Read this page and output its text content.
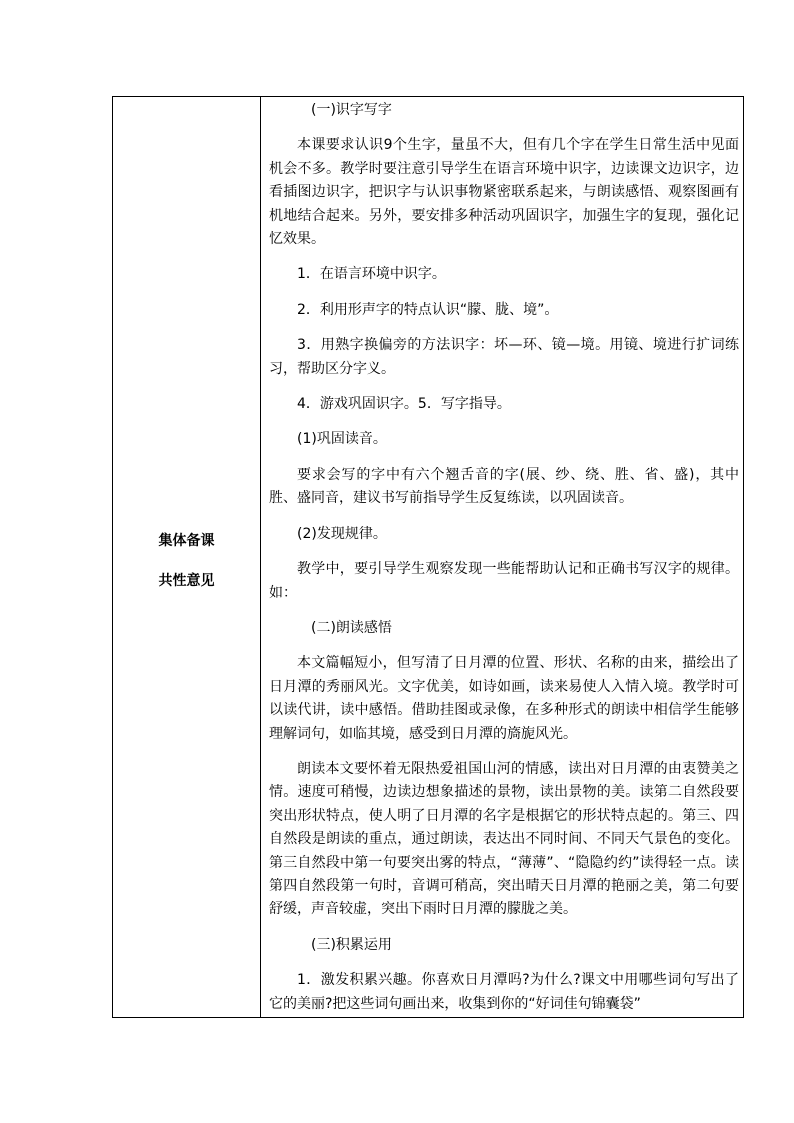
集体备课
共性意见

(一)识字写字

本课要求认识9个生字，量虽不大，但有几个字在学生日常生活中见面机会不多。教学时要注意引导学生在语言环境中识字，边读课文边识字，边看插图边识字，把识字与认识事物紧密联系起来，与朗读感悟、观察图画有机地结合起来。另外，要安排多种活动巩固识字，加强生字的复现，强化记忆效果。

1．在语言环境中识字。

2．利用形声字的特点认识“朦、胧、境”。

3．用熟字换偏旁的方法识字：坏—环、镜—境。用镜、境进行扩词练习，帮助区分字义。

4．游戏巩固识字。5．写字指导。

(1)巩固读音。

要求会写的字中有六个翘舌音的字(展、纱、绕、胜、省、盛)，其中胜、盛同音，建议书写前指导学生反复练读，以巩固读音。

(2)发现规律。

教学中，要引导学生观察发现一些能帮助认记和正确书写汉字的规律。如：

(二)朗读感悟

本文篇幅短小，但写清了日月潭的位置、形状、名称的由来，描绘出了日月潭的秀丽风光。文字优美，如诗如画，读来易使人入情入境。教学时可以读代讲，读中感悟。借助挂图或录像，在多种形式的朗读中相信学生能够理解词句，如临其境，感受到日月潭的旖旎风光。

朗读本文要怀着无限热爱祖国山河的情感，读出对日月潭的由衷赞美之情。速度可稍慢，边读边想象描述的景物，读出景物的美。读第二自然段要突出形状特点，使人明了日月潭的名字是根据它的形状特点起的。第三、四自然段是朗读的重点，通过朗读，表达出不同时间、不同天气景色的变化。第三自然段中第一句要突出雾的特点，“薄薄”、“隐隐约约”读得轻一点。读第四自然段第一句时，音调可稍高，突出晴天日月潭的艳丽之美，第二句要舒缓，声音较虚，突出下雨时日月潭的朦胧之美。

(三)积累运用

1．激发积累兴趣。你喜欢日月潭吗?为什么?课文中用哪些词句写出了它的美丽?把这些词句画出来，收集到你的“好词佳句锦囊袋”
